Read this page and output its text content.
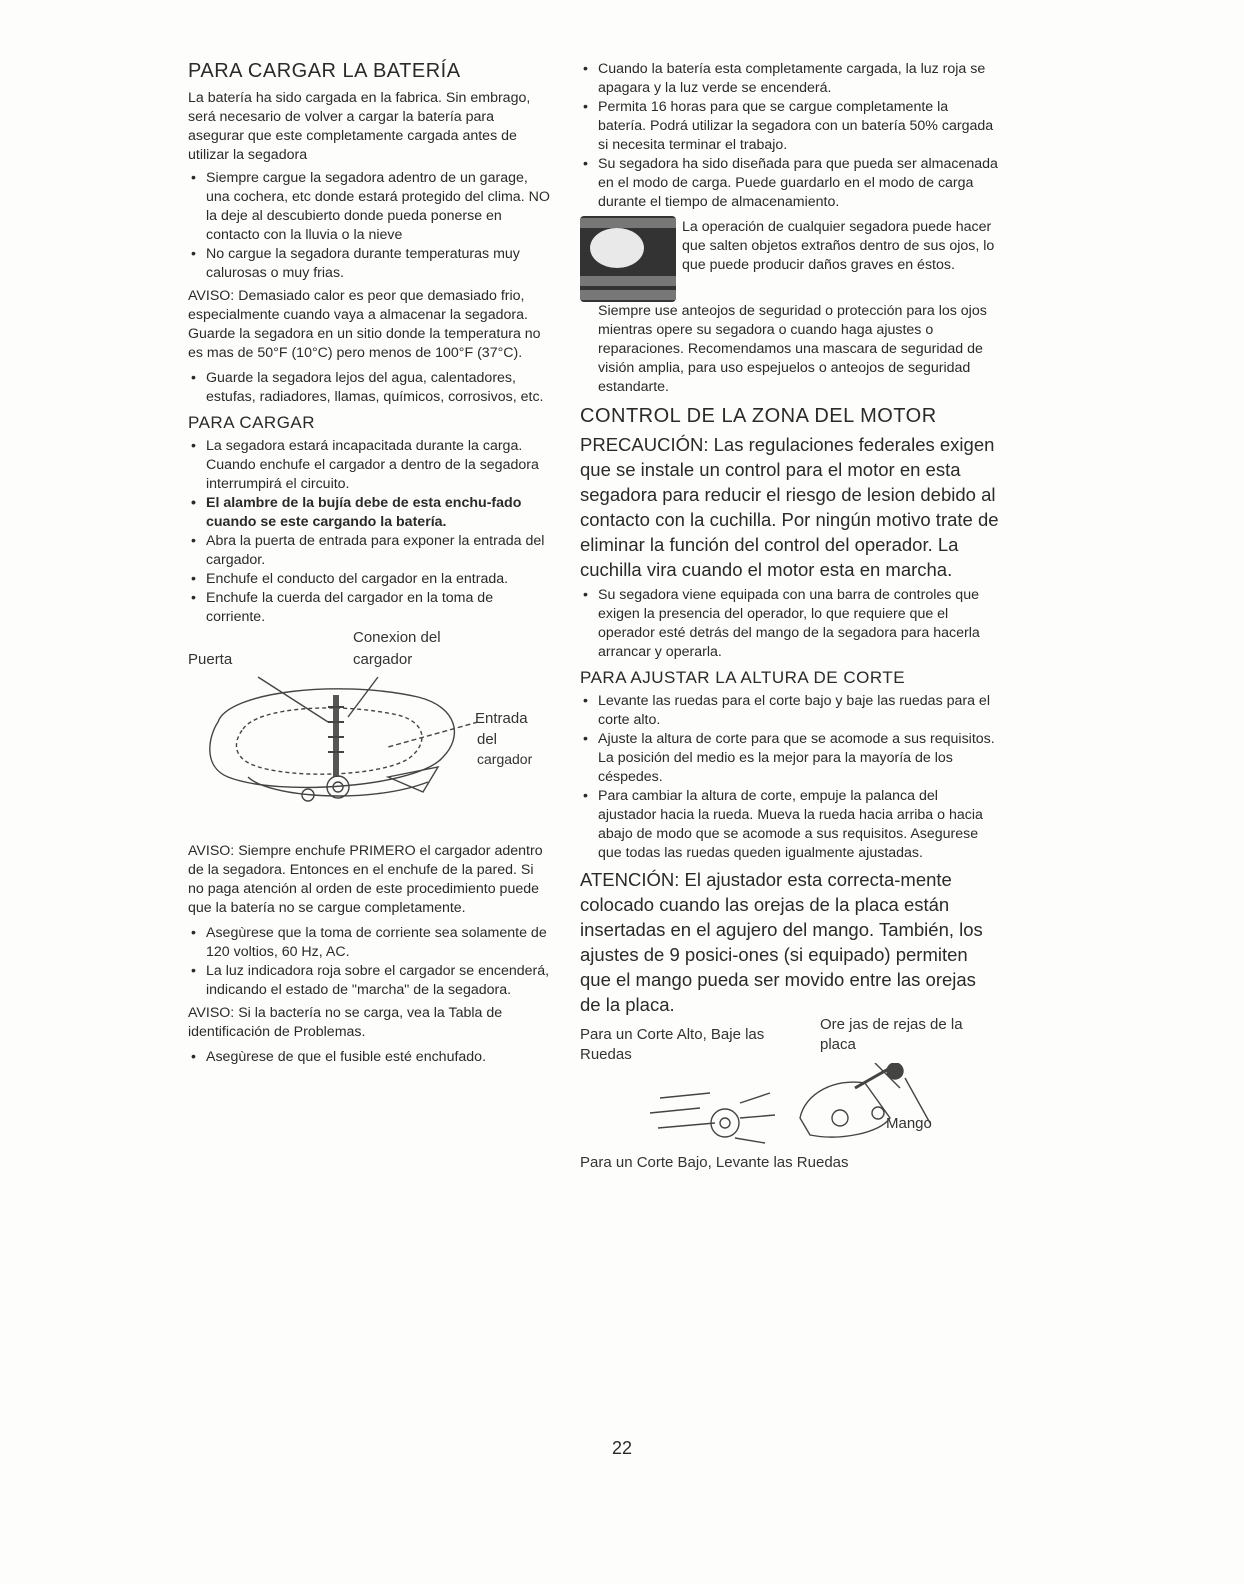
PARA CARGAR LA BATERÍA

La batería ha sido cargada en la fabrica. Sin embrago, será necesario de volver a cargar la batería para asegurar que este completamente cargada antes de utilizar la segadora

• Siempre cargue la segadora adentro de un garage, una cochera, etc donde estará protegido del clima. NO la deje al descubierto donde pueda ponerse en contacto con la lluvia o la nieve
• No cargue la segadora durante temperaturas muy calurosas o muy frias.

AVISO: Demasiado calor es peor que demasiado frio, especialmente cuando vaya a almacenar la segadora. Guarde la segadora en un sitio donde la temperatura no es mas de 50°F (10°C) pero menos de 100°F (37°C).

• Guarde la segadora lejos del agua, calentadores, estufas, radiadores, llamas, químicos, corrosivos, etc.
PARA CARGAR
• La segadora estará incapacitada durante la carga. Cuando enchufe el cargador a dentro de la segadora interrumpirá el circuito.
• El alambre de la bujía debe de esta enchu-fado cuando se este cargando la batería.
• Abra la puerta de entrada para exponer la entrada del cargador.
• Enchufe el conducto del cargador en la entrada.
• Enchufe la cuerda del cargador en la toma de corriente.
Conexion del
Puerta	cargador
Entrada
del
cargador

AVISO: Siempre enchufe PRIMERO el cargador adentro de la segadora. Entonces en el enchufe de la pared. Si no paga atención al orden de este procedimiento puede que la batería no se cargue completamente.

• Asegùrese que la toma de corriente sea solamente de 120 voltios, 60 Hz, AC.
• La luz indicadora roja sobre el cargador se encenderá, indicando el estado de "marcha" de la segadora.

AVISO: Si la bactería no se carga, vea la Tabla de identificación de Problemas.

• Asegùrese de que el fusible esté enchufado.
• Cuando la batería esta completamente cargada, la luz roja se apagara y la luz verde se encenderá.
• Permita 16 horas para que se cargue completamente la batería. Podrá utilizar la segadora con un batería 50% cargada si necesita terminar el trabajo.
• Su segadora ha sido diseñada para que pueda ser almacenada en el modo de carga. Puede guardarlo en el modo de carga durante el tiempo de almacenamiento.

La operación de cualquier segadora puede hacer que salten objetos extraños dentro de sus ojos, lo que puede producir daños graves en éstos.

Siempre use anteojos de seguridad o protección para los ojos mientras opere su segadora o cuando haga ajustes o reparaciones. Recomendamos una mascara de seguridad de visión amplia, para uso espejuelos o anteojos de seguridad estandarte.

CONTROL DE LA ZONA DEL MOTOR

PRECAUCIÓN: Las regulaciones federales exigen que se instale un control para el motor en esta segadora para reducir el riesgo de lesion debido al contacto con la cuchilla. Por ningún motivo trate de eliminar la función del control del operador. La cuchilla vira cuando el motor esta en marcha.

• Su segadora viene equipada con una barra de controles que exigen la presencia del operador, lo que requiere que el operador esté detrás del mango de la segadora para hacerla arrancar y operarla.
PARA AJUSTAR LA ALTURA DE CORTE
• Levante las ruedas para el corte bajo y baje las ruedas para el corte alto.
• Ajuste la altura de corte para que se acomode a sus requisitos. La posición del medio es la mejor para la mayoría de los céspedes.
• Para cambiar la altura de corte, empuje la palanca del ajustador hacia la rueda. Mueva la rueda hacia arriba o hacia abajo de modo que se acomode a sus requisitos. Asegurese que todas las ruedas queden igualmente ajustadas.

ATENCIÓN: El ajustador esta correcta-mente colocado cuando las orejas de la placa están insertadas en el agujero del mango. También, los ajustes de 9 posici-ones (si equipado) permiten que el mango pueda ser movido entre las orejas de la placa.

Para un Corte Alto, Baje las Ruedas
Ore jas de rejas de la placa
Mango
Para un Corte Bajo, Levante las Ruedas
22
